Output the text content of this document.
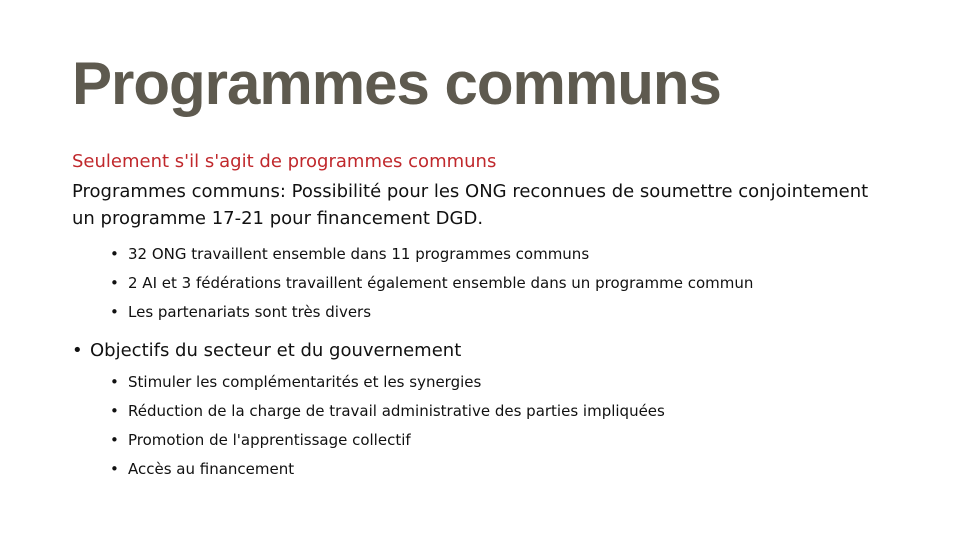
Programmes communs

Seulement s'il s'agit de programmes communs

Programmes communs: Possibilité pour les ONG reconnues de soumettre conjointement un programme 17-21 pour financement DGD.

• 32 ONG travaillent ensemble dans 11 programmes communs
• 2 AI et 3 fédérations travaillent également ensemble dans un programme commun
• Les partenariats sont très divers
• Objectifs du secteur et du gouvernement
• Stimuler les complémentarités et les synergies
• Réduction de la charge de travail administrative des parties impliquées
• Promotion de l'apprentissage collectif
• Accès au financement
